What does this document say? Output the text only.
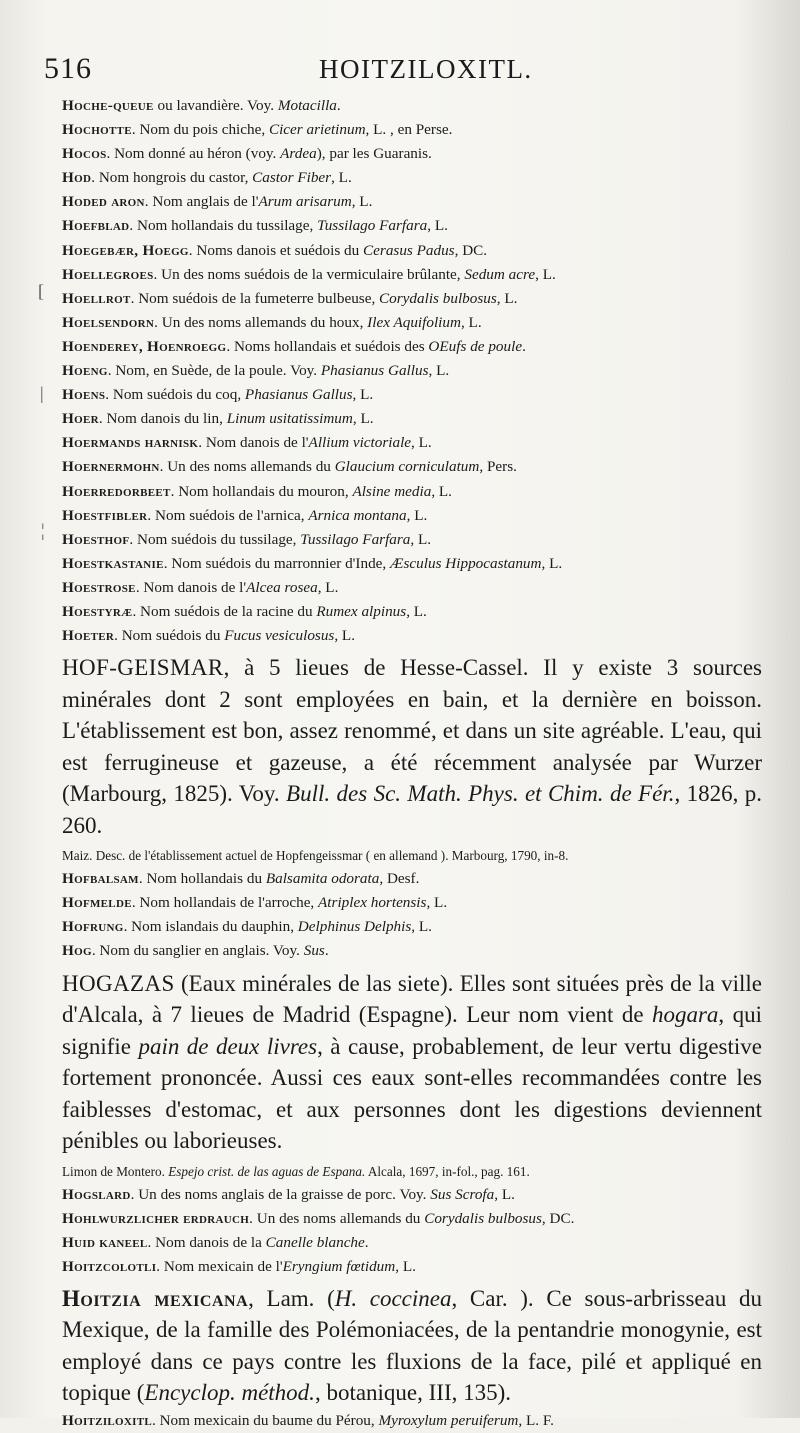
516	HOITZILOXITL.
[
|
¦
Hoche-queue ou lavandière. Voy. Motacilla.
Hochotte. Nom du pois chiche, Cicer arietinum, L. , en Perse.
Hocos. Nom donné au héron (voy. Ardea), par les Guaranis.
Hod. Nom hongrois du castor, Castor Fiber, L.
Hoded aron. Nom anglais de l'Arum arisarum, L.
Hoefblad. Nom hollandais du tussilage, Tussilago Farfara, L.
Hoegebær, Hoegg. Noms danois et suédois du Cerasus Padus, DC.
Hoellegroes. Un des noms suédois de la vermiculaire brûlante, Sedum acre, L.
Hoellrot. Nom suédois de la fumeterre bulbeuse, Corydalis bulbosus, L.
Hoelsendorn. Un des noms allemands du houx, Ilex Aquifolium, L.
Hoenderey, Hoenroegg. Noms hollandais et suédois des OEufs de poule.
Hoeng. Nom, en Suède, de la poule. Voy. Phasianus Gallus, L.
Hoens. Nom suédois du coq, Phasianus Gallus, L.
Hoer. Nom danois du lin, Linum usitatissimum, L.
Hoermands harnisk. Nom danois de l'Allium victoriale, L.
Hoernermohn. Un des noms allemands du Glaucium corniculatum, Pers.
Hoerredorbeet. Nom hollandais du mouron, Alsine media, L.
Hoestfibler. Nom suédois de l'arnica, Arnica montana, L.
Hoesthof. Nom suédois du tussilage, Tussilago Farfara, L.
Hoestkastanie. Nom suédois du marronnier d'Inde, Æsculus Hippocastanum, L.
Hoestrose. Nom danois de l'Alcea rosea, L.
Hoestyræ. Nom suédois de la racine du Rumex alpinus, L.
Hoeter. Nom suédois du Fucus vesiculosus, L.

HOF-GEISMAR, à 5 lieues de Hesse-Cassel. Il y existe 3 sources minérales dont 2 sont employées en bain, et la dernière en boisson. L'établissement est bon, assez renommé, et dans un site agréable. L'eau, qui est ferrugineuse et gazeuse, a été récemment analysée par Wurzer (Marbourg, 1825). Voy. Bull. des Sc. Math. Phys. et Chim. de Fér., 1826, p. 260.

Maiz. Desc. de l'établissement actuel de Hopfengeissmar ( en allemand ). Marbourg, 1790, in-8.
Hofbalsam. Nom hollandais du Balsamita odorata, Desf.
Hofmelde. Nom hollandais de l'arroche, Atriplex hortensis, L.
Hofrung. Nom islandais du dauphin, Delphinus Delphis, L.
Hog. Nom du sanglier en anglais. Voy. Sus.

HOGAZAS (Eaux minérales de las siete). Elles sont situées près de la ville d'Alcala, à 7 lieues de Madrid (Espagne). Leur nom vient de hogara, qui signifie pain de deux livres, à cause, probablement, de leur vertu digestive fortement prononcée. Aussi ces eaux sont-elles recommandées contre les faiblesses d'estomac, et aux personnes dont les digestions deviennent pénibles ou laborieuses.

Limon de Montero. Espejo crist. de las aguas de Espana. Alcala, 1697, in-fol., pag. 161.
Hogslard. Un des noms anglais de la graisse de porc. Voy. Sus Scrofa, L.
Hohlwurzlicher erdrauch. Un des noms allemands du Corydalis bulbosus, DC.
Huid kaneel. Nom danois de la Canelle blanche.
Hoitzcolotli. Nom mexicain de l'Eryngium fœtidum, L.

Hoitzia mexicana, Lam. (H. coccinea, Car. ). Ce sous-arbrisseau du Mexique, de la famille des Polémoniacées, de la pentandrie monogynie, est employé dans ce pays contre les fluxions de la face, pilé et appliqué en topique (Encyclop. méthod., botanique, III, 135).

Hoitziloxitl. Nom mexicain du baume du Pérou, Myroxylum peruiferum, L. F.
